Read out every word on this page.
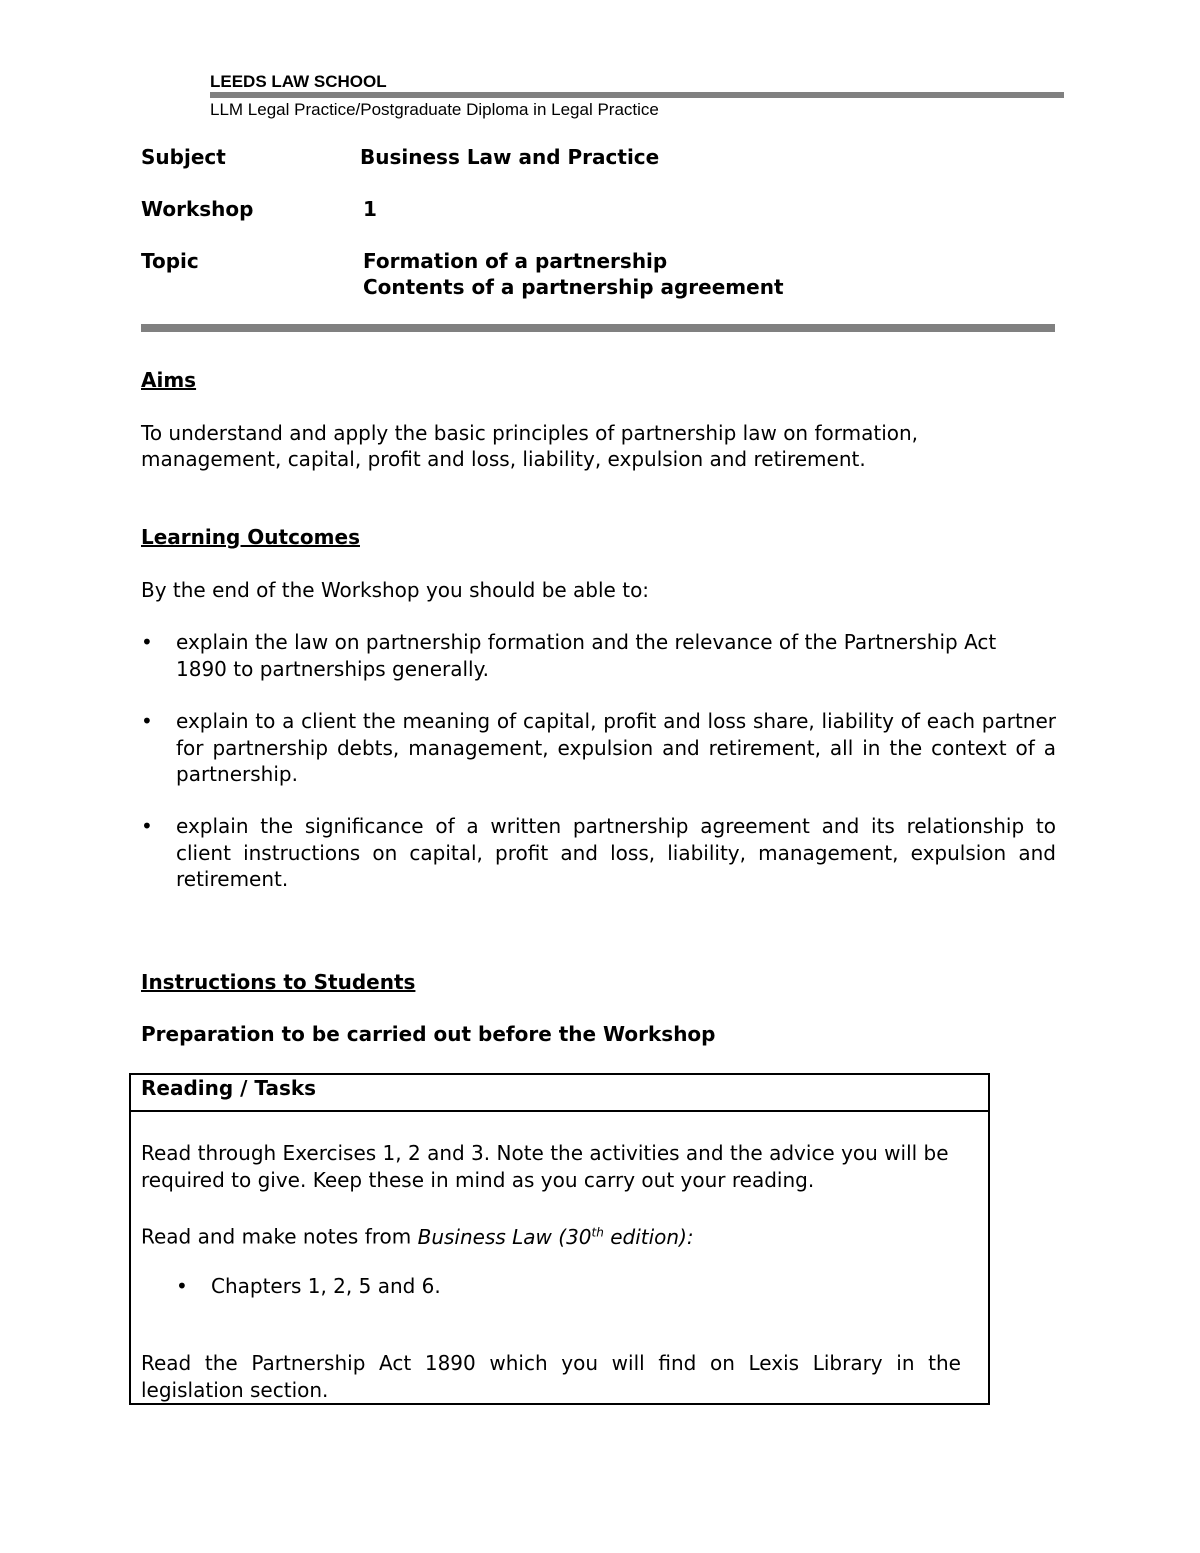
LEEDS LAW SCHOOL
LLM Legal Practice/Postgraduate Diploma in Legal Practice
Subject	Business Law and Practice
Workshop	1
Topic	Formation of a partnership
Contents of a partnership agreement
Aims
To understand and apply the basic principles of partnership law on formation, management, capital, profit and loss, liability, expulsion and retirement.
Learning Outcomes
By the end of the Workshop you should be able to:
• explain the law on partnership formation and the relevance of the Partnership Act 1890 to partnerships generally.
• explain to a client the meaning of capital, profit and loss share, liability of each partner for partnership debts, management, expulsion and retirement, all in the context of a partnership.
• explain the significance of a written partnership agreement and its relationship to client instructions on capital, profit and loss, liability, management, expulsion and retirement.
Instructions to Students
Preparation to be carried out before the Workshop
Reading / Tasks
Read through Exercises 1, 2 and 3. Note the activities and the advice you will be required to give. Keep these in mind as you carry out your reading.
Read and make notes from Business Law (30th edition):
• Chapters 1, 2, 5 and 6.
Read the Partnership Act 1890 which you will find on Lexis Library in the legislation section.
